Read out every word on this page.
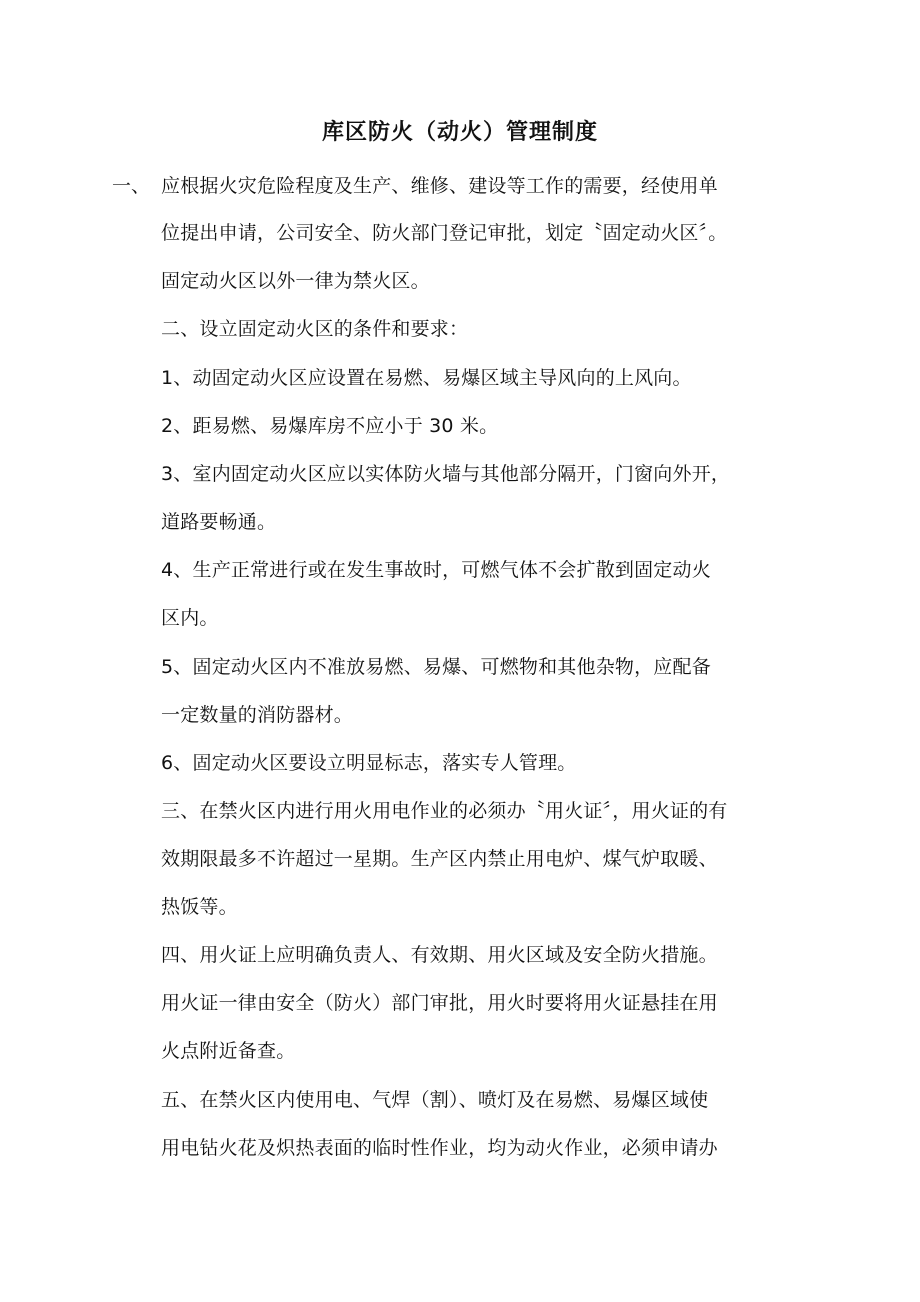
库区防火（动火）管理制度
一、 应根据火灾危险程度及生产、维修、建设等工作的需要，经使用单
位提出申请，公司安全、防火部门登记审批，划定〝固定动火区〞。
固定动火区以外一律为禁火区。
二、设立固定动火区的条件和要求：
1、动固定动火区应设置在易燃、易爆区域主导风向的上风向。
2、距易燃、易爆库房不应小于 30 米。
3、室内固定动火区应以实体防火墙与其他部分隔开，门窗向外开，
道路要畅通。
4、生产正常进行或在发生事故时，可燃气体不会扩散到固定动火
区内。
5、固定动火区内不准放易燃、易爆、可燃物和其他杂物，应配备
一定数量的消防器材。
6、固定动火区要设立明显标志，落实专人管理。
三、在禁火区内进行用火用电作业的必须办〝用火证〞，用火证的有
效期限最多不许超过一星期。生产区内禁止用电炉、煤气炉取暖、
热饭等。
四、用火证上应明确负责人、有效期、用火区域及安全防火措施。
用火证一律由安全（防火）部门审批，用火时要将用火证悬挂在用
火点附近备查。
五、在禁火区内使用电、气焊（割）、喷灯及在易燃、易爆区域使
用电钻火花及炽热表面的临时性作业，均为动火作业，必须申请办
